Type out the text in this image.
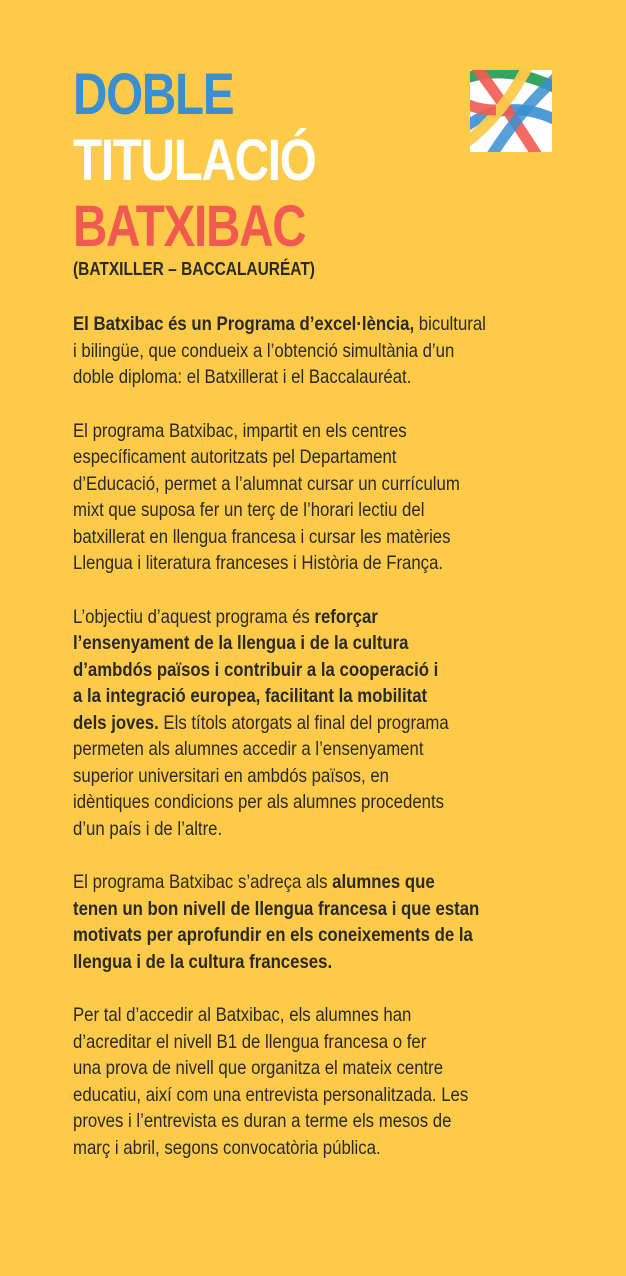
DOBLE
TITULACIÓ
BATXIBAC
(BATXILLER – BACCALAURÉAT)

El Batxibac és un Programa d’excel·lència, bicultural
i bilingüe, que condueix a l’obtenció simultània d’un
doble diploma: el Batxillerat i el Baccalauréat.

El programa Batxibac, impartit en els centres
específicament autoritzats pel Departament
d’Educació, permet a l’alumnat cursar un currículum
mixt que suposa fer un terç de l’horari lectiu del
batxillerat en llengua francesa i cursar les matèries
Llengua i literatura franceses i Història de França.

L’objectiu d’aquest programa és reforçar
l’ensenyament de la llengua i de la cultura
d’ambdós països i contribuir a la cooperació i
a la integració europea, facilitant la mobilitat
dels joves. Els títols atorgats al final del programa
permeten als alumnes accedir a l’ensenyament
superior universitari en ambdós països, en
idèntiques condicions per als alumnes procedents
d’un país i de l’altre.

El programa Batxibac s’adreça als alumnes que
tenen un bon nivell de llengua francesa i que estan
motivats per aprofundir en els coneixements de la
llengua i de la cultura franceses.

Per tal d’accedir al Batxibac, els alumnes han
d’acreditar el nivell B1 de llengua francesa o fer
una prova de nivell que organitza el mateix centre
educatiu, així com una entrevista personalitzada. Les
proves i l’entrevista es duran a terme els mesos de
març i abril, segons convocatòria pública.
